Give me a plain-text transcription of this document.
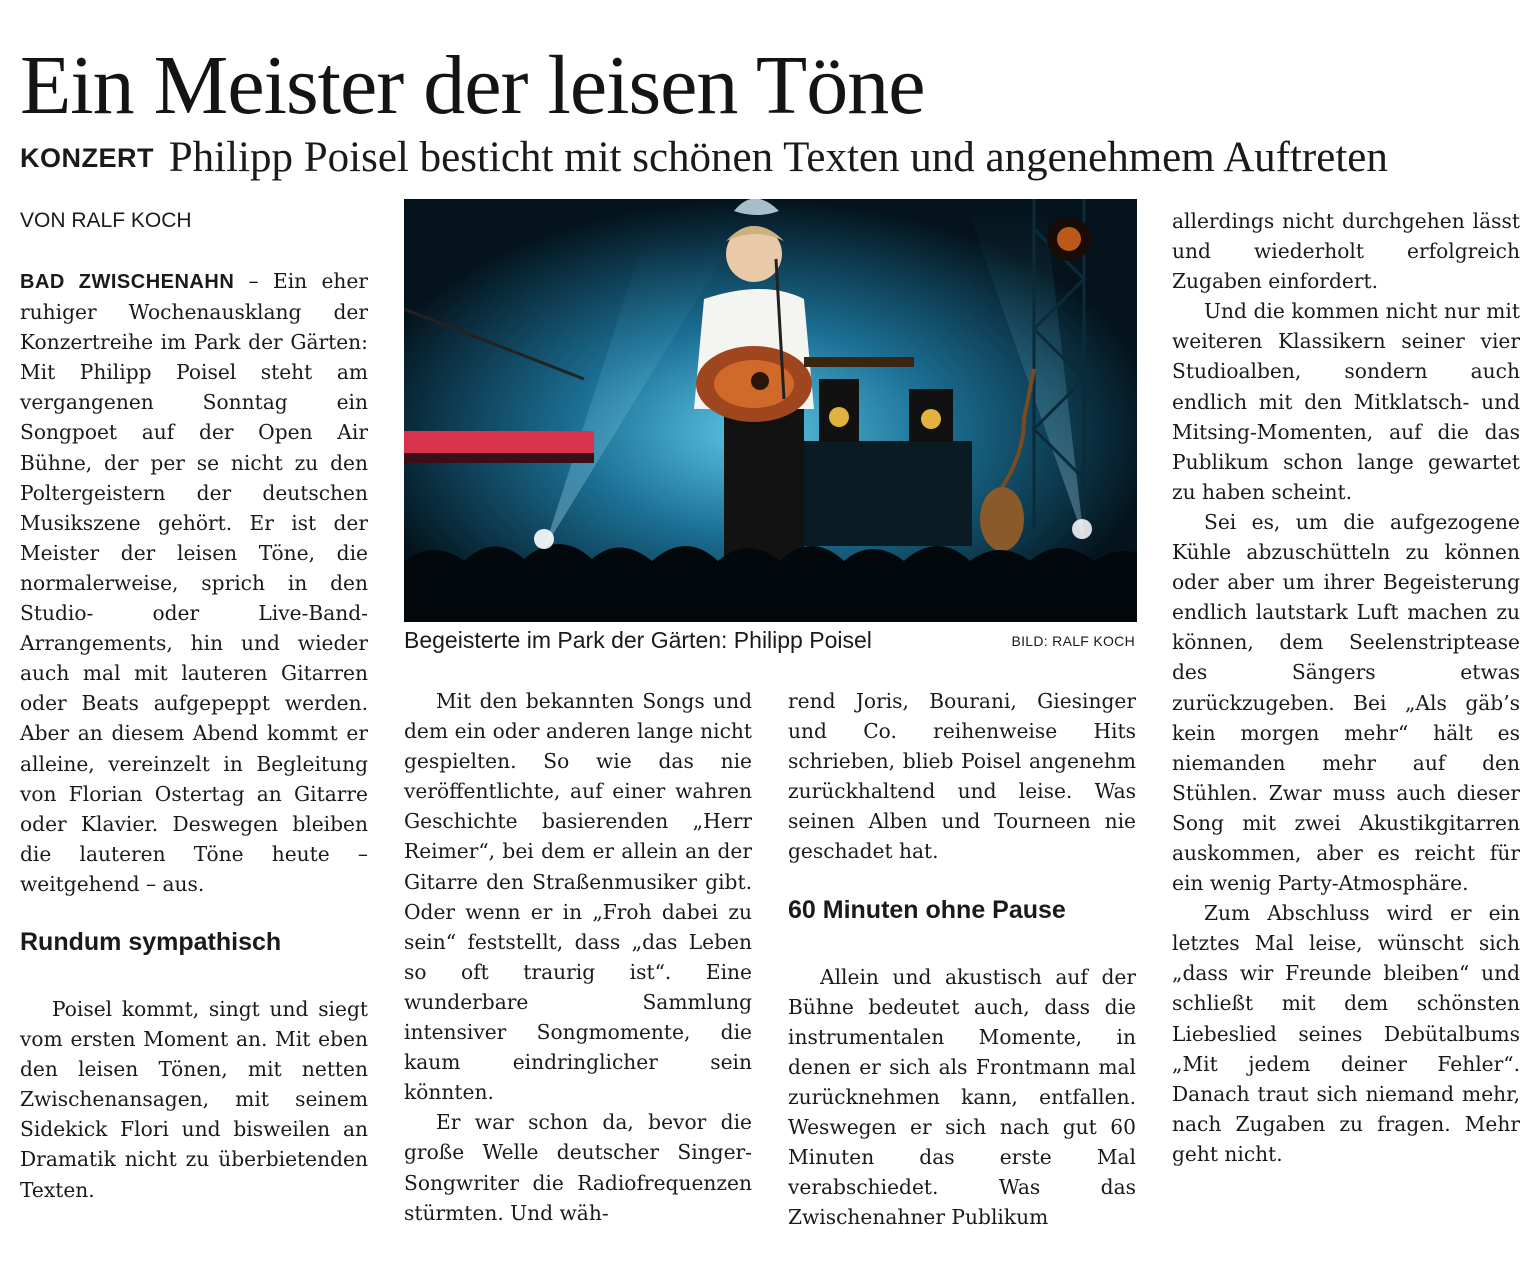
Ein Meister der leisen Töne
KONZERT Philipp Poisel besticht mit schönen Texten und angenehmem Auftreten
VON RALF KOCH

BAD ZWISCHENAHN – Ein eher ruhiger Wochenausklang der Konzertreihe im Park der Gärten: Mit Philipp Poisel steht am vergangenen Sonntag ein Songpoet auf der Open Air Bühne, der per se nicht zu den Poltergeistern der deutschen Musikszene gehört. Er ist der Meister der leisen Töne, die normalerweise, sprich in den Studio- oder Live-Band-Arrangements, hin und wieder auch mal mit lauteren Gitarren oder Beats aufgepeppt werden. Aber an diesem Abend kommt er alleine, vereinzelt in Begleitung von Florian Ostertag an Gitarre oder Klavier. Deswegen bleiben die lauteren Töne heute – weitgehend – aus.

Rundum sympathisch

Poisel kommt, singt und siegt vom ersten Moment an. Mit eben den leisen Tönen, mit netten Zwischenansagen, mit seinem Sidekick Flori und bisweilen an Dramatik nicht zu überbietenden Texten.

Begeisterte im Park der Gärten: Philipp Poisel	BILD: RALF KOCH

Mit den bekannten Songs und dem ein oder anderen lange nicht gespielten. So wie das nie veröffentlichte, auf einer wahren Geschichte basierenden „Herr Reimer“, bei dem er allein an der Gitarre den Straßenmusiker gibt. Oder wenn er in „Froh dabei zu sein“ feststellt, dass „das Leben so oft traurig ist“. Eine wunderbare Sammlung intensiver Songmomente, die kaum eindringlicher sein könnten.

Er war schon da, bevor die große Welle deutscher Singer-Songwriter die Radiofrequenzen stürmten. Und wäh-

rend Joris, Bourani, Giesinger und Co. reihenweise Hits schrieben, blieb Poisel angenehm zurückhaltend und leise. Was seinen Alben und Tourneen nie geschadet hat.

60 Minuten ohne Pause

Allein und akustisch auf der Bühne bedeutet auch, dass die instrumentalen Momente, in denen er sich als Frontmann mal zurücknehmen kann, entfallen. Weswegen er sich nach gut 60 Minuten das erste Mal verabschiedet. Was das Zwischenahner Publikum

allerdings nicht durchgehen lässt und wiederholt erfolgreich Zugaben einfordert.

Und die kommen nicht nur mit weiteren Klassikern seiner vier Studioalben, sondern auch endlich mit den Mitklatsch- und Mitsing-Momenten, auf die das Publikum schon lange gewartet zu haben scheint.

Sei es, um die aufgezogene Kühle abzuschütteln zu können oder aber um ihrer Begeisterung endlich lautstark Luft machen zu können, dem Seelenstriptease des Sängers etwas zurückzugeben. Bei „Als gäb’s kein morgen mehr“ hält es niemanden mehr auf den Stühlen. Zwar muss auch dieser Song mit zwei Akustikgitarren auskommen, aber es reicht für ein wenig Party-Atmosphäre.

Zum Abschluss wird er ein letztes Mal leise, wünscht sich „dass wir Freunde bleiben“ und schließt mit dem schönsten Liebeslied seines Debütalbums „Mit jedem deiner Fehler“. Danach traut sich niemand mehr, nach Zugaben zu fragen. Mehr geht nicht.
